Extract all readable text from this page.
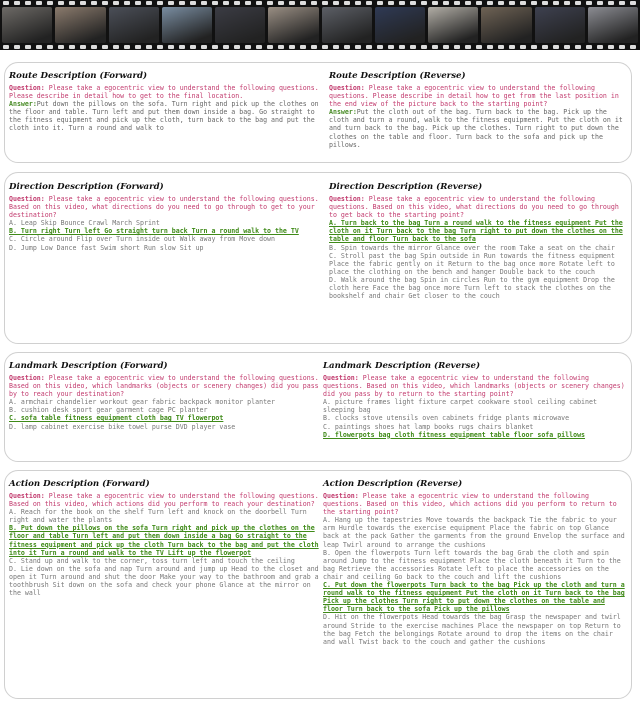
Route Description (Forward)
Question: Please take a egocentric view to understand the following questions. Please describe in detail how to get to the final location.
Answer:Put down the pillows on the sofa. Turn right and pick up the clothes on the floor and table. Turn left and put them down inside a bag. Go straight to the fitness equipment and pick up the cloth, turn back to the bag and put the cloth into it. Turn a round and walk to
Route Description (Reverse)
Question: Please take a egocentric view to understand the following questions. Please describe in detail how to get from the last position in the end view of the picture back to the starting point?
Answer:Put the cloth out of the bag. Turn back to the bag. Pick up the cloth and turn a round, walk to the fitness equipment. Put the cloth on it and turn back to the bag. Pick up the clothes. Turn right to put down the clothes on the table and floor. Turn back to the sofa and pick up the pillows.
Direction Description (Forward)
Question: Please take a egocentric view to understand the following questions. Based on this video, what directions do you need to go through to get to your destination?
A. Leap Skip Bounce Crawl March Sprint
B. Turn right Turn left Go straight turn back Turn a round walk to the TV
C. Circle around Flip over Turn inside out Walk away from Move down
D. Jump Low Dance fast Swim short Run slow Sit up
Direction Description (Reverse)
Question: Please take a egocentric view to understand the following questions. Based on this video, what directions do you need to go through to get back to the starting point?
A. Turn back to the bag Turn a round walk to the fitness equipment Put the cloth on it Turn back to the bag Turn right to put down the clothes on the table and floor Turn back to the sofa
B. Spin towards the mirror Glance over the room Take a seat on the chair
C. Stroll past the bag Spin outside in Run towards the fitness equipment Place the fabric gently on it Return to the bag once more Rotate left to place the clothing on the bench and hanger Double back to the couch
D. Walk around the bag Spin in circles Run to the gym equipment Drop the cloth here Face the bag once more Turn left to stack the clothes on the bookshelf and chair Get closer to the couch
Landmark Description (Forward)
Question: Please take a egocentric view to understand the following questions. Based on this video, which landmarks (objects or scenery changes) did you pass by to reach your destination?
A. armchair chandelier workout gear fabric backpack monitor planter
B. cushion desk sport gear garment cage PC planter
C. sofa table fitness equipment cloth bag TV flowerpot
D. lamp cabinet exercise bike towel purse DVD player vase
Landmark Description (Reverse)
Question: Please take a egocentric view to understand the following questions. Based on this video, which landmarks (objects or scenery changes) did you pass by to return to the starting point?
A. picture frames light fixture carpet cookware stool ceiling cabinet sleeping bag
B. clocks stove utensils oven cabinets fridge plants microwave
C. paintings shoes hat lamp books rugs chairs blanket
D. flowerpots bag cloth fitness equipment table floor sofa pillows
Action Description (Forward)
Question: Please take a egocentric view to understand the following questions. Based on this video, which actions did you perform to reach your destination?
A. Reach for the book on the shelf Turn left and knock on the doorbell Turn right and water the plants
B. Put down the pillows on the sofa Turn right and pick up the clothes on the floor and table Turn left and put them down inside a bag Go straight to the fitness equipment and pick up the cloth Turn back to the bag and put the cloth into it Turn a round and walk to the TV Lift up the flowerpot
C. Stand up and walk to the corner, toss turn left and touch the ceiling
D. Lie down on the sofa and nap Turn around and jump up Head to the closet and open it Turn around and shut the door Make your way to the bathroom and grab a toothbrush Sit down on the sofa and check your phone Glance at the mirror on the wall
Action Description (Reverse)
Question: Please take a egocentric view to understand the following questions. Based on this video, which actions did you perform to return to the starting point?
A. Hang up the tapestries Move towards the backpack Tie the fabric to your arm Hurdle towards the exercise equipment Place the fabric on top Glance back at the pack Gather the garments from the ground Envelop the surface and leap Twirl around to arrange the cushions
B. Open the flowerpots Turn left towards the bag Grab the cloth and spin around Jump to the fitness equipment Place the cloth beneath it Turn to the bag Retrieve the accessories Rotate left to place the accessories on the chair and ceiling Go back to the couch and lift the cushions
C. Put down the flowerpots Turn back to the bag Pick up the cloth and turn a round walk to the fitness equipment Put the cloth on it Turn back to the bag Pick up the clothes Turn right to put down the clothes on the table and floor Turn back to the sofa Pick up the pillows
D. Hit on the flowerpots Head towards the bag Grasp the newspaper and twirl around Stride to the exercise machines Place the newspaper on top Return to the bag Fetch the belongings Rotate around to drop the items on the chair and wall Twist back to the couch and gather the cushions
